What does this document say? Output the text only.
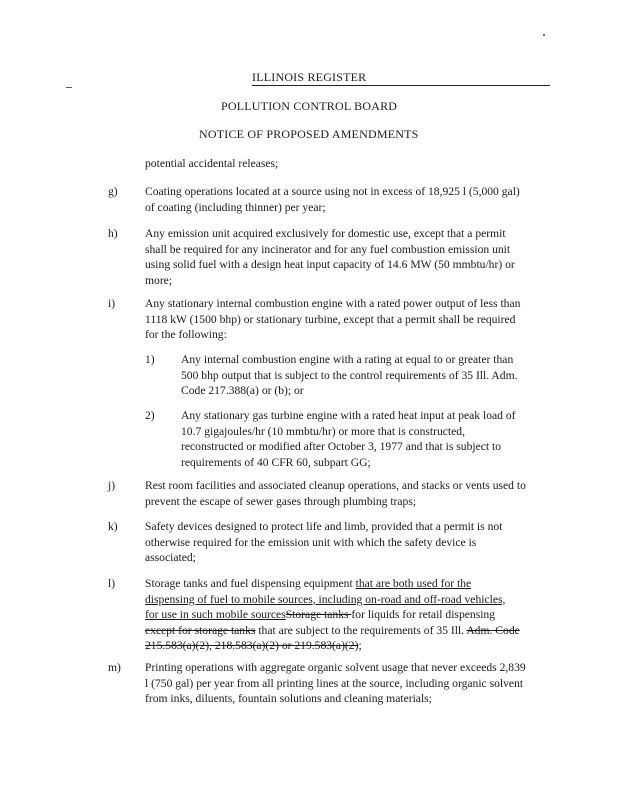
ILLINOIS REGISTER
POLLUTION CONTROL BOARD
NOTICE OF PROPOSED AMENDMENTS
potential accidental releases;
g) Coating operations located at a source using not in excess of 18,925 l (5,000 gal)
of coating (including thinner) per year;
h) Any emission unit acquired exclusively for domestic use, except that a permit
shall be required for any incinerator and for any fuel combustion emission unit
using solid fuel with a design heat input capacity of 14.6 MW (50 mmbtu/hr) or
more;
i)	Any stationary internal combustion engine with a rated power output of less than
1118 kW (1500 bhp) or stationary turbine, except that a permit shall be required
for the following:
1) Any internal combustion engine with a rating at equal to or greater than
500 bhp output that is subject to the control requirements of 35 Ill. Adm.
Code 217.388(a) or (b); or
2) Any stationary gas turbine engine with a rated heat input at peak load of
10.7 gigajoules/hr (10 mmbtu/hr) or more that is constructed,
reconstructed or modified after October 3, 1977 and that is subject to
requirements of 40 CFR 60, subpart GG;
j)	Rest room facilities and associated cleanup operations, and stacks or vents used to
prevent the escape of sewer gases through plumbing traps;
k) Safety devices designed to protect life and limb, provided that a permit is not
otherwise required for the emission unit with which the safety device is
associated;
l)	Storage tanks and fuel dispensing equipment that are both used for the
dispensing of fuel to mobile sources, including on-road and off-road vehicles,
for use in such mobile sourcesStorage tanks for liquids for retail dispensing
except for storage tanks that are subject to the requirements of 35 Ill. Adm. Code
215.583(a)(2), 218.583(a)(2) or 219.583(a)(2);
m) Printing operations with aggregate organic solvent usage that never exceeds 2,839
l (750 gal) per year from all printing lines at the source, including organic solvent
from inks, diluents, fountain solutions and cleaning materials;
